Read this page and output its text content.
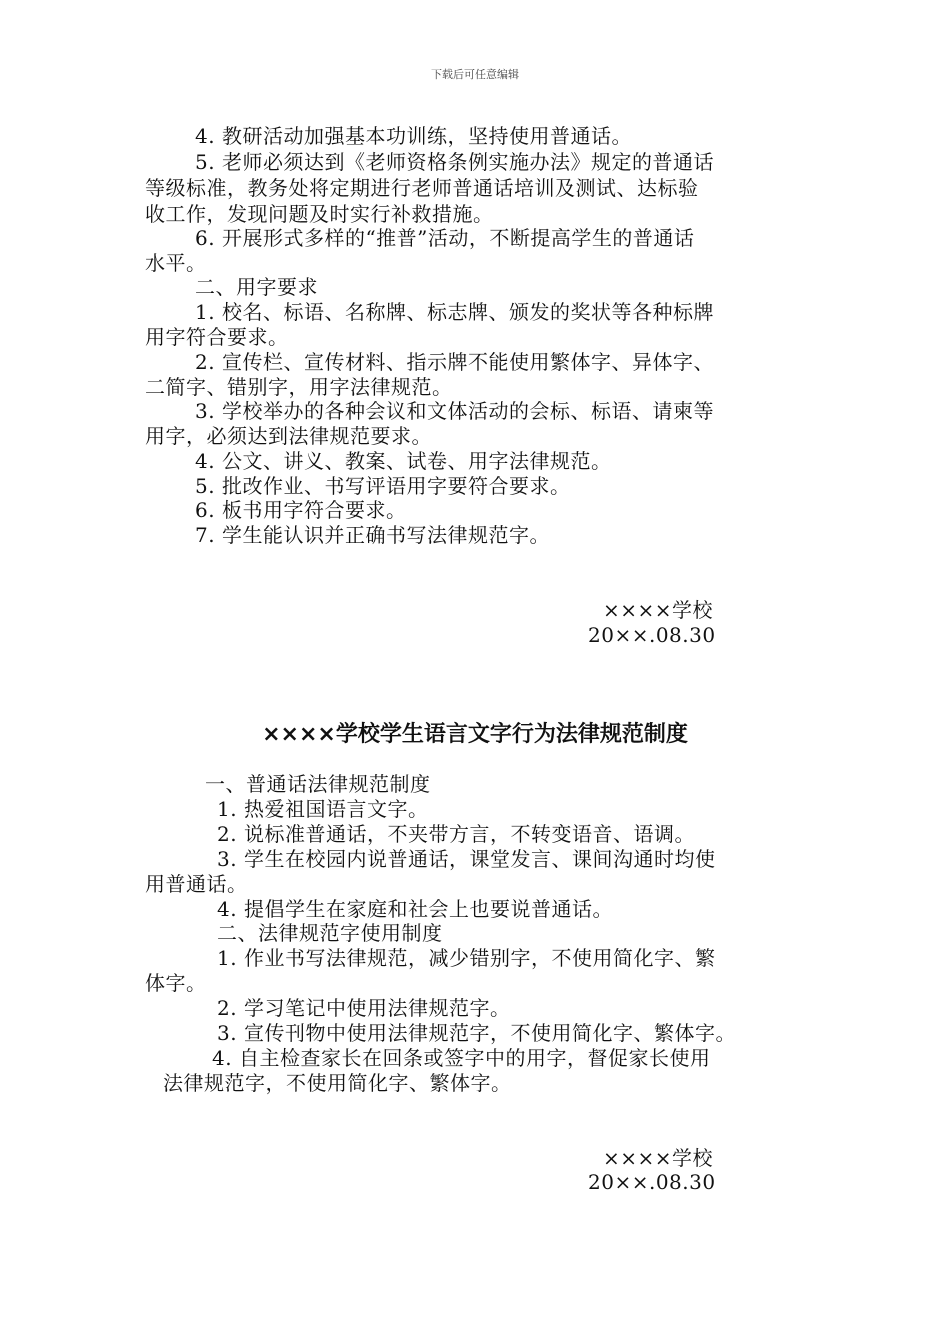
下载后可任意编辑
4. 教研活动加强基本功训练，坚持使用普通话。
5. 老师必须达到《老师资格条例实施办法》规定的普通话
等级标准，教务处将定期进行老师普通话培训及测试、达标验
收工作，发现问题及时实行补救措施。
6. 开展形式多样的“推普”活动，不断提高学生的普通话
水平。
二、用字要求
1. 校名、标语、名称牌、标志牌、颁发的奖状等各种标牌
用字符合要求。
2. 宣传栏、宣传材料、指示牌不能使用繁体字、异体字、
二简字、错别字，用字法律规范。
3. 学校举办的各种会议和文体活动的会标、标语、请柬等
用字，必须达到法律规范要求。
4. 公文、讲义、教案、试卷、用字法律规范。
5. 批改作业、书写评语用字要符合要求。
6. 板书用字符合要求。
7. 学生能认识并正确书写法律规范字。
××××学校
20××.08.30
××××学校学生语言文字行为法律规范制度
一、普通话法律规范制度
1. 热爱祖国语言文字。
2. 说标准普通话，不夹带方言，不转变语音、语调。
3. 学生在校园内说普通话，课堂发言、课间沟通时均使
用普通话。
4. 提倡学生在家庭和社会上也要说普通话。
二、法律规范字使用制度
1. 作业书写法律规范，减少错别字，不使用简化字、繁
体字。
2. 学习笔记中使用法律规范字。
3. 宣传刊物中使用法律规范字，不使用简化字、繁体字。
4. 自主检查家长在回条或签字中的用字，督促家长使用
法律规范字，不使用简化字、繁体字。
××××学校
20××.08.30
